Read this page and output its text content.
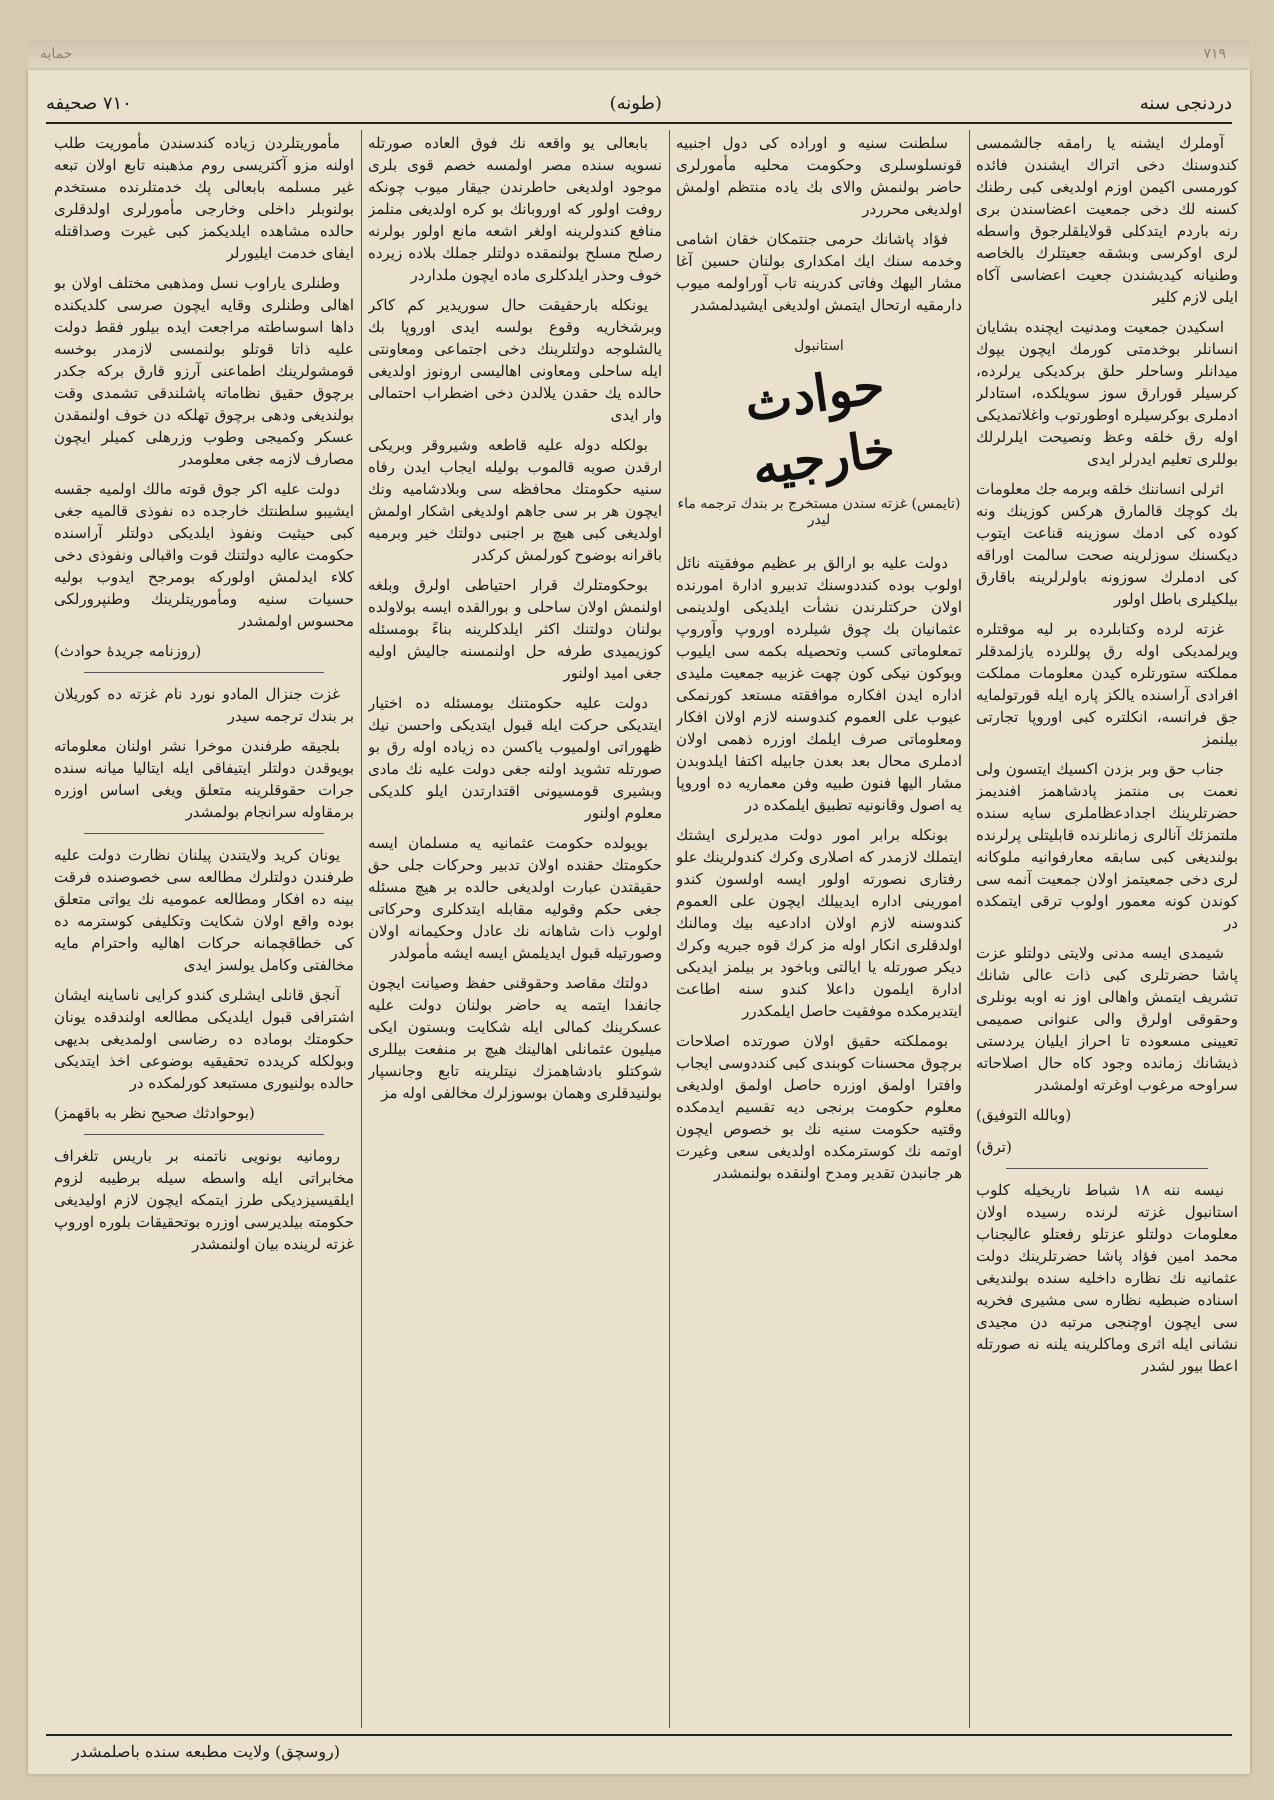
حمایه	۷۱۹
دردنجی سنه
(طونه)
۷۱۰ صحیفه

آوملرك ایشنه یا رامقه جالشمسی کندوسنك دخی اتراك ایشندن فائده کورمسی اکیمن اوزم اولدیغی کبی رطنك کسنه لك دخی جمعیت اعضاسندن بری رنه باردم ایتدکلی قولایلقلرجوق واسطه لری اوکرسی وبشقه جعیتلرك بالخاصه وطنیانه کیدیشندن جعیت اعضاسی آکاه ایلی لازم کلیر

اسکیدن جمعیت ومدنیت ایچنده بشایان انسانلر بوخدمتی کورمك ایچون یپوك میدانلر وساحلر حلق برکدیکی یرلرده، کرسیلر قورارق سوز سویلکده، استادلر ادملری بوکرسیلره اوطورتوب واغلاتمدیکی اوله رق خلقه وعظ ونصیحت ایلرلرلك بوللری تعلیم ایدرلر ایدی

اثرلی انساننك خلقه وبرمه جك معلومات بك کوچك قالمارق هرکس کوزینك ونه کوده کی ادمك سوزینه قناعت ایتوب دیکسنك سوزلرینه صحت سالمت اوراقه کی ادملرك سوزونه باولرلرینه باقارق بیلکیلری باطل اولور

غزته لرده وکتابلرده بر لیه موقتلره ویرلمدیکی اوله رق پوللرده یازلمدقلر مملکته ستورتلره کیدن معلومات مملکت افرادی آراسنده یالکز پاره ایله قورتولمایه جق فرانسه، انکلتره کبی اوروپا تجارتی بیلنمز

جناب حق وبر بزدن اکسیك ایتسون ولی نعمت بی منتمز پادشاهمز افندیمز حضرتلرینك اجدادعظاملری سایه سنده ملتمزئك آنالری زمانلرنده قابلیتلی پرلرنده بولندیغی کبی سابقه معارفوانیه ملوکانه لری دخی جمعیتمز اولان جمعیت آنمه سی کوندن کونه معمور اولوب ترقی ایتمکده در

شیمدی ایسه مدنی ولایتی دولتلو عزت پاشا حضرتلری کبی ذات عالی شانك تشریف ایتمش واهالی اوز نه اوبه بونلری وحقوقی اولرق والی عنوانی صمیمی تعیینی مسعوده تا احراز ایلیان یردستی ذیشانك زمانده وجود کاه حال اصلاحاته سراوحه مرغوب اوغرته اولمشدر

(وبالله التوفیق)
(ترق)

نیسه ننه ۱۸ شباط ناریخیله کلوب استانبول غزته لرنده رسیده اولان معلومات دولتلو عزتلو رفعتلو عالیجناب محمد امین فؤاد پاشا حضرتلرینك دولت عثمانیه نك نظاره داخلیه سنده بولندیغی اسناده ضبطیه نظاره سی مشیری فخریه سی ایچون اوچنجی مرتبه دن مجیدی نشانی ایله اثری وماکلرینه یلنه نه صورتله اعطا بیور لشدر

سلطنت سنیه و اوراده کی دول اجنبیه قونسلوسلری وحکومت محلیه مأمورلری حاضر بولنمش والای بك یاده منتظم اولمش اولدیغی محرردر

فؤاد پاشانك حرمی جنتمکان خقان اشامی وخدمه سنك ایك امکداری بولنان حسین آغا مشار الیهك وفاتی کدرینه تاب آوراولمه میوب دارمقیه ارتحال ایتمش اولدیغی ایشیدلمشدر

دولت علیه بو ارالق بر عظیم موفقیته نائل اولوب بوده کنددوسنك تدبیرو ادارة امورنده اولان حرکتلرندن نشأت ایلدیکی اولدینمی عثمانیان بك چوق شیلرده اوروپ وآوروپ تمعلوماتی کسب وتحصیله بکمه سی ایلیوب وبوکون نیکی کون چهت غزبیه جمعیت ملیدی اداره ایدن افکاره موافقته مستعد کورنمکی عیوب علی العموم کندوسنه لازم اولان افکار ومعلوماتی صرف ایلمك اوزره ذهمی اولان ادملری محال بعد بعدن جابیله اکتفا ایلدوبدن مشار الیها فنون طبیه وفن معماریه ده اوروپا یه اصول وقانونیه تطبیق ایلمکده در

بونکله برابر امور دولت مدیرلری ایشتك ایتملك لازمدر که اصلاری وکرك کندولرینك علو رفتاری نصورته اولور ایسه اولسون کندو امورینی اداره ایدییلك ایچون علی العموم کندوسنه لازم اولان ادادعیه بیك ومالنك اولدقلری انکار اوله مز کرك قوه جبریه وکرك دیکر صورتله یا ایالتی وباخود بر بیلمز ایدیكی ادارة ایلمون داعلا کندو سنه اطاعت ایتدیرمکده موفقیت حاصل ایلمکدرر

بومملکته حقیق اولان صورتده اصلاحات برچوق محسنات کوبندی کبی کنددوسی ایجاب وافترا اولمق اوزره حاصل اولمق اولدیغی معلوم حکومت برنجی دیه تقسیم ایدمکده وقتیه حکومت سنیه نك بو خصوص ایچون اوتمه نك کوسترمکده اولدیغی سعی وغیرت هر جانبدن تقدیر ومدح اولنقده بولنمشدر

استانبول
حوادث خارجیه
(تایمس) غزته سندن مستخرج بر بندك ترجمه ماء لیدر

بابعالی یو واقعه نك فوق العاده صورتله نسویه سنده مصر اولمسه خصم قوی بلری موجود اولدیغی حاطرندن جیقار میوب چونکه روفت اولور که اوروبانك بو کره اولدیغی منلمز منافع کندولرینه اولغر اشعه مانع اولور بولرنه رصلح مسلح بولنمقده دولتلر جملك بلاده زیرده خوف وحذر ایلدکلری ماده ایچون ملداردر

یونکله بارحقیقت حال سوریدیر کم کاکر وبرشخاریه وقوع بولسه ایدی اوروپا بك یالشلوجه دولتلرینك دخی اجتماعی ومعاونتی ایله ساحلی ومعاونی اهالیسی ارونوز اولدیغی حالده یك حقدن یلالدن دخی اضطراب احتمالی وار ایدی

بولکله دوله علیه قاطعه وشیروقر وبریکی ارقدن صویه قالموب بولیله ایجاب ایدن رفاه سنیه حکومتك محافظه سی وبلادشامیه ونك ایچون هر بر سی جاهم اولدیغی اشکار اولمش اولدیغی کبی هیچ بر اجنبی دولتك خیر وبرمیه باقرانه بوضوح کورلمش کرکدر

بوحکومتلرك قرار احتیاطی اولرق وبلغه اولنمش اولان ساحلی و بورالقده ایسه بولاولده بولنان دولتنك اکثر ایلدکلرینه بناءً بومسئله کوزیمیدی طرفه حل اولنمسنه جالیش اولیه جغی امید اولنور

دولت علیه حکومتنك بومسئله ده اختیار ایتدیکی حرکت ایله قبول ایتدیکی واحسن نیك ظهوراتی اولمیوب یاکسن ده زیاده اوله رق بو صورتله تشوید اولنه جغی دولت علیه نك مادی وبشیری قومسیونی اقتدارتدن ایلو کلدیکی معلوم اولنور

بویولده حکومت عثمانیه یه مسلمان ایسه حکومتك حقنده اولان تدبیر وحرکات جلی حق حقیقتدن عبارت اولدیغی حالده بر هیچ مسئله جغی حکم وقولیه مقابله ایتدکلری وحرکاتی اولوب ذات شاهانه نك عادل وحکیمانه اولان وصورتیله قبول ایدیلمش ایسه ایشه مأمولدر

دولتك مقاصد وحقوقنی حفظ وصیانت ایچون جانفدا ایتمه یه حاضر بولنان دولت علیه عسکرینك کمالی ایله شکایت وبستون ایکی میلیون عثمانلی اهالینك هیچ بر منفعت بیللری شوکتلو بادشاهمزك نیتلرینه تابع وجانسپار بولنیدقلری وهمان بوسوزلرك مخالفی اوله مز

مأموریتلردن زیاده کندسندن مأموریت طلب اولنه مزو آکتریسی روم مذهبنه تابع اولان تبعه غیر مسلمه بابعالی پك خدمتلرنده مستخدم بولنوبلر داخلی وخارجی مأمورلری اولدقلری حالده مشاهده ایلدیکمز کبی غیرت وصداقتله ایفای خدمت ایلیورلر

وطنلری یاراوب نسل ومذهبی مختلف اولان بو اهالی وطنلری وقایه ایچون صرسی کلدیکنده داها اسوساطته مراجعت ایده بیلور فقط دولت علیه ذاتا قوتلو بولنمسی لازمدر بوخسه قومشولرینك اطماعنی آرزو قارق برکه جکدر برچوق حقیق نظاماته پاشلندقی تشمدی وقت بولندیغی ودهی برچوق تهلکه دن خوف اولنمقدن عسکر وکمیجی وطوب وزرهلی کمیلر ایچون مصارف لازمه جغی معلومدر

دولت علیه اکر جوق قوته مالك اولمیه جقسه ایشیبو سلطنتك خارجده ده نفوذی قالمیه جغی کبی حیثیت ونفوذ ایلدیکی دولتلر آراسنده حکومت عالیه دولتنك قوت واقبالی ونفوذی دخی کلاء ایدلمش اولورکه بومرجح ایدوب بولیه حسیات سنیه ومأموریتلرینك وطنپرورلکی محسوس اولمشدر

(روزنامه جریدهٔ حوادث)

غزت جنزال المادو نورد نام غزته ده کوریلان بر بندك ترجمه سیدر

بلجیقه طرفندن موخرا نشر اولنان معلوماته بویوقدن دولتلر ایتیفاقی ایله ایتالیا میانه سنده جرات حقوقلرینه متعلق ویغی اساس اوزره برمقاوله سرانجام بولمشدر

یونان کرید ولایتندن پیلنان نظارت دولت علیه طرفندن دولتلرك مطالعه سی خصوصنده فرقت بینه ده افکار ومطالعه عمومیه نك یواتی متعلق بوده واقع اولان شکایت وتکلیفی کوسترمه ده کی خطاقچمانه حرکات اهالیه واحترام مایه مخالفتی وکامل یولسز ایدی

آنجق قانلی ایشلری کندو کرایی ناساینه ایشان اشترافی قبول ایلدیکی مطالعه اولندقده یونان حکومتك بوماده ده رضاسی اولمدیغی بدیهی وبولکله کریدده تحقیقیه بوضوعی اخذ ایتدیکی حالده بولنیوری مستبعد کورلمکده در

(بوحوادثك صحیح نظر به باقهمز)

رومانیه بونویی ناتمنه بر باریس تلغراف مخابراتی ایله واسطه سیله برطیبه لزوم ایلقیسیزدیکی طرز ایتمکه ایچون لازم اولیدیغی حکومته بیلدیرسی اوزره بوتحقیقات بلوره اوروپ غزته لرینده بیان اولنمشدر

(روسچق) ولایت مطبعه سنده باصلمشدر
